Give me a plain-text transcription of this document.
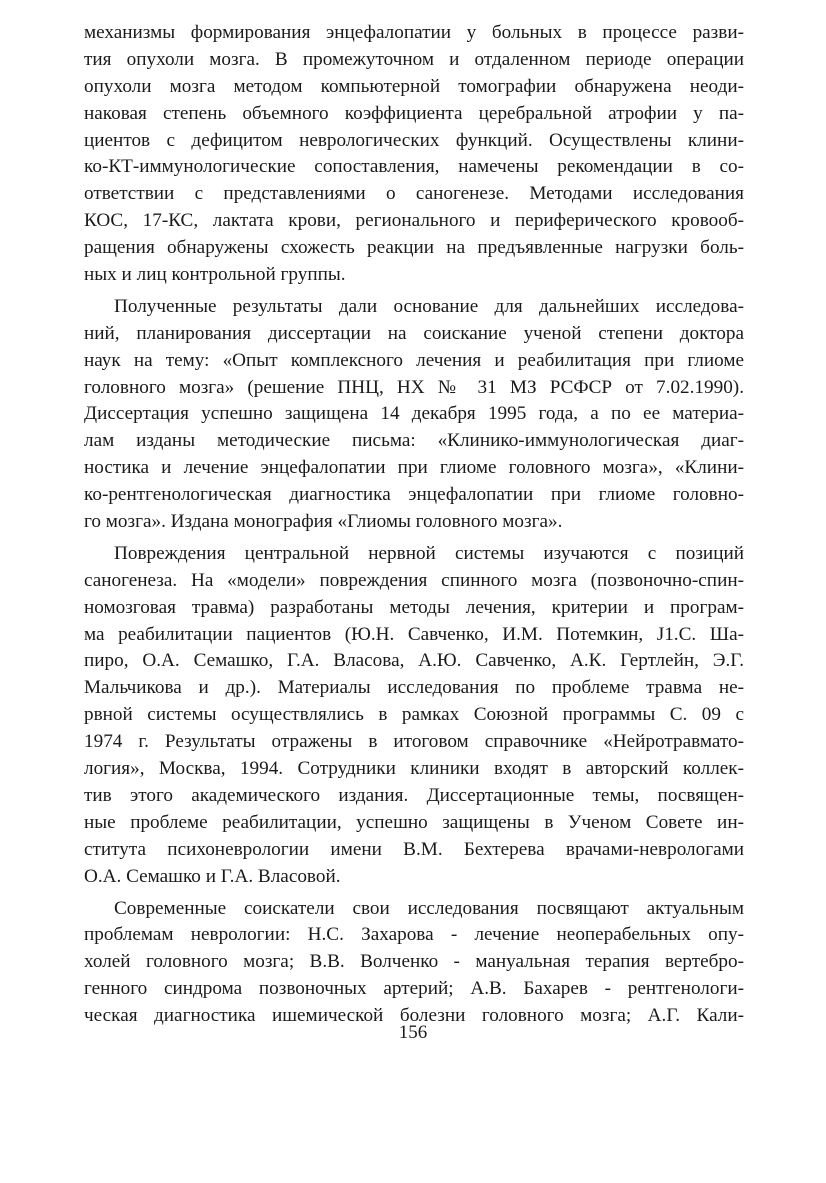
механизмы формирования энцефалопатии у больных в процессе разви-
тия опухоли мозга. В промежуточном и отдаленном периоде операции
опухоли мозга методом компьютерной томографии обнаружена неоди-
наковая степень объемного коэффициента церебральной атрофии у па-
циентов с дефицитом неврологических функций. Осуществлены клини-
ко-КТ-иммунологические сопоставления, намечены рекомендации в со-
ответствии с представлениями о саногенезе. Методами исследования
КОС, 17-КС, лактата крови, регионального и периферического кровооб-
ращения обнаружены схожесть реакции на предъявленные нагрузки боль-
ных и лиц контрольной группы.
Полученные результаты дали основание для дальнейших исследова-
ний, планирования диссертации на соискание ученой степени доктора
наук на тему: «Опыт комплексного лечения и реабилитация при глиоме
головного мозга» (решение ПНЦ, НХ № 31 МЗ РСФСР от 7.02.1990).
Диссертация успешно защищена 14 декабря 1995 года, а по ее материа-
лам изданы методические письма: «Клинико-иммунологическая диаг-
ностика и лечение энцефалопатии при глиоме головного мозга», «Клини-
ко-рентгенологическая диагностика энцефалопатии при глиоме головно-
го мозга». Издана монография «Глиомы головного мозга».
Повреждения центральной нервной системы изучаются с позиций
саногенеза. На «модели» повреждения спинного мозга (позвоночно-спин-
номозговая травма) разработаны методы лечения, критерии и програм-
ма реабилитации пациентов (Ю.Н. Савченко, И.М. Потемкин, J1.С. Ша-
пиро, О.А. Семашко, Г.А. Власова, А.Ю. Савченко, А.К. Гертлейн, Э.Г.
Мальчикова и др.). Материалы исследования по проблеме травма не-
рвной системы осуществлялись в рамках Союзной программы С. 09 с
1974 г. Результаты отражены в итоговом справочнике «Нейротравмато-
логия», Москва, 1994. Сотрудники клиники входят в авторский коллек-
тив этого академического издания. Диссертационные темы, посвящен-
ные проблеме реабилитации, успешно защищены в Ученом Совете ин-
ститута психоневрологии имени В.М. Бехтерева врачами-неврологами
О.А. Семашко и Г.А. Власовой.
Современные соискатели свои исследования посвящают актуальным
проблемам неврологии: Н.С. Захарова - лечение неоперабельных опу-
холей головного мозга; В.В. Волченко - мануальная терапия вертебро-
генного синдрома позвоночных артерий; А.В. Бахарев - рентгенологи-
ческая диагностика ишемической болезни головного мозга; А.Г. Кали-
156
